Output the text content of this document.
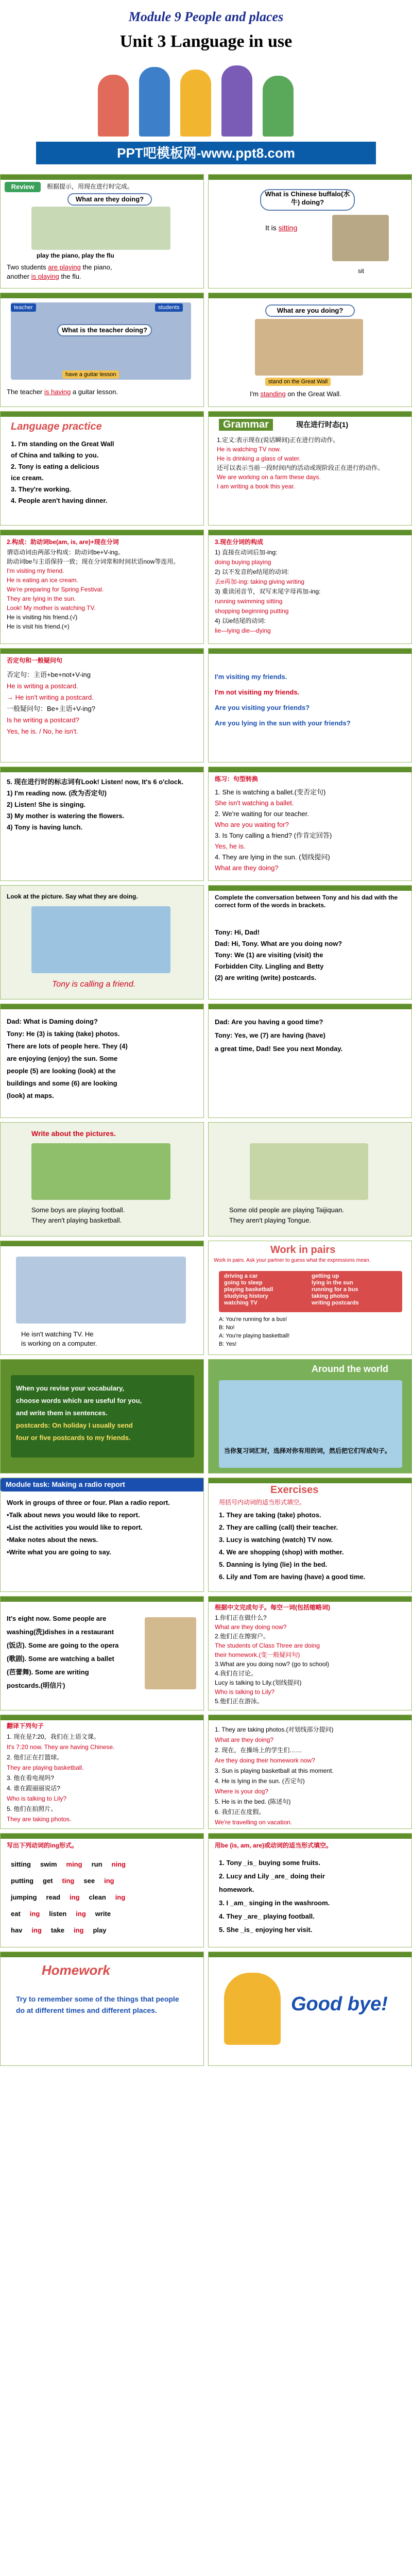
Module 9 People and places
Unit 3 Language in use
PPT吧模板网-www.ppt8.com
Review	根据提示，用现在进行时完成。
What are they doing?
play the piano, play the flu
Two students are playing the piano,
another is playing the flu.
What is Chinese buffalo(水牛) doing?
It is sitting
sit
teacher	students
What is the teacher doing?
have a guitar lesson
The teacher is having a guitar lesson.
What are you doing?
stand on the Great Wall
I'm standing on the Great Wall.
Language practice
1. I'm standing on the Great Wall
of China and talking to you.
2. Tony is eating a delicious
ice cream.
3. They're working.
4. People aren't having dinner.
Grammar	现在进行时态(1)
1.定义:表示现在(说话瞬间)正在进行的动作。
He is watching TV now.
He is drinking a glass of water.
还可以表示当前一段时间内的活动或现阶段正在进行的动作。
We are working on a farm these days.
I am writing a book this year.
2.构成：助动词be(am, is, are)+现在分词
谓语动词由两部分构成：助动词be+V-ing。
助动词be与主语保持一致；现在分词常和时间状语now等连用。
I'm visiting my friend.
He is eating an ice cream.
We're preparing for Spring Festival.
They are lying in the sun.
Look! My mother is watching TV.
He is visiting his friend.(√)
He is visit his friend.(×)
3.现在分词的构成
1) 直接在动词后加-ing:
doing buying playing
2) 以不发音的e结尾的动词:
去e再加-ing: taking giving writing
3) 重读闭音节，双写末尾字母再加-ing:
running swimming sitting
shopping beginning putting
4) 以ie结尾的动词:
lie—lying die—dying
否定句和一般疑问句
否定句：主语+be+not+V-ing
He is writing a postcard.
→ He isn't writing a postcard.
一般疑问句：Be+主语+V-ing?
Is he writing a postcard?
Yes, he is. / No, he isn't.
I'm visiting my friends.
I'm not visiting my friends.
Are you visiting your friends?
Are you lying in the sun with your friends?
5. 现在进行时的标志词有Look! Listen! now, It's 6 o'clock.
1) I'm reading now. (改为否定句)
2) Listen! She is singing.
3) My mother is watering the flowers.
4) Tony is having lunch.
练习：句型转换
1. She is watching a ballet.(变否定句)
She isn't watching a ballet.
2. We're waiting for our teacher.
Who are you waiting for?
3. Is Tony calling a friend? (作肯定回答)
Yes, he is.
4. They are lying in the sun. (划线提问)
What are they doing?
Look at the picture. Say what they are doing.
Tony is calling a friend.
Complete the conversation between Tony and his dad with the correct form of the words in brackets.
Tony: Hi, Dad!
Dad: Hi, Tony. What are you doing now?
Tony: We (1) are visiting (visit) the
Forbidden City. Lingling and Betty
(2) are writing (write) postcards.
Dad: What is Daming doing?
Tony: He (3) is taking (take) photos.
There are lots of people here. They (4)
are enjoying (enjoy) the sun. Some
people (5) are looking (look) at the
buildings and some (6) are looking
(look) at maps.
Dad: Are you having a good time?
Tony: Yes, we (7) are having (have)
a great time, Dad! See you next Monday.
Write about the pictures.
Some boys are playing football.
They aren't playing basketball.
Some old people are playing Taijiquan.
They aren't playing Tongue.
He isn't watching TV. He
is working on a computer.
Work in pairs
Work in pairs. Ask your partner to guess what the expressions mean.
driving a car	getting up
going to sleep	lying in the sun
playing basketball	running for a bus
studying history	taking photos
watching TV	writing postcards
A: You're running for a bus!
B: No!
A: You're playing basketball!
B: Yes!
When you revise your vocabulary,
choose words which are useful for you,
and write them in sentences.
postcards: On holiday I usually send
four or five postcards to my friends.
Around the world
当你复习词汇时，选择对你有用的词，然后把它们写成句子。
Module task: Making a radio report
Work in groups of three or four. Plan a radio report.
•Talk about news you would like to report.
•List the activities you would like to report.
•Make notes about the news.
•Write what you are going to say.
Exercises
用括号内动词的适当形式填空。
1. They are taking (take) photos.
2. They are calling (call) their teacher.
3. Lucy is watching (watch) TV now.
4. We are shopping (shop) with mother.
5. Danning is lying (lie) in the bed.
6. Lily and Tom are having (have) a good time.
It's eight now. Some people are
washing(洗)dishes in a restaurant
(饭店). Some are going to the opera
(歌剧). Some are watching a ballet
(芭蕾舞). Some are writing
postcards.(明信片)
根据中文完成句子。每空一词(包括缩略词)
1.你们正在做什么?
What are they doing now?
2.他们正在擦窗户。
The students of Class Three are doing
their homework.(变一般疑问句)
3.What are you doing now? (go to school)
4.我们在讨论。
Lucy is talking to Lily.(划线提问)
Who is talking to Lily?
5.他们正在游泳。
翻译下列句子
1. 现在是7:20，我们在上语文课。
It's 7:20 now. They are having Chinese.
2. 他们正在打篮球。
They are playing basketball.
3. 他在看电视吗?
4. 谁在跟丽丽说话?
Who is talking to Lily?
5. 他们在拍照片。
They are taking photos.
1. They are taking photos.(对划线部分提问)
What are they doing?
2. 现在，在操场上的学生们……
Are they doing their homework now?
3. Sun is playing basketball at this moment.
4. He is lying in the sun. (否定句)
Where is your dog?
5. He is in the bed. (陈述句)
6. 我们正在度假。
We're travelling on vacation.
写出下列动词的ing形式。
sitting swim ming run ning
putting get ting see ing
jumping read ing clean ing
eat ing listen ing write
hav ing take ing play
用be (is, am, are)或动词的适当形式填空。
1. Tony _is_ buying some fruits.
2. Lucy and Lily _are_ doing their
homework.
3. I _am_ singing in the washroom.
4. They _are_ playing football.
5. She _is_ enjoying her visit.
Homework
Try to remember some of the things that people do at different times and different places.	Good bye!
